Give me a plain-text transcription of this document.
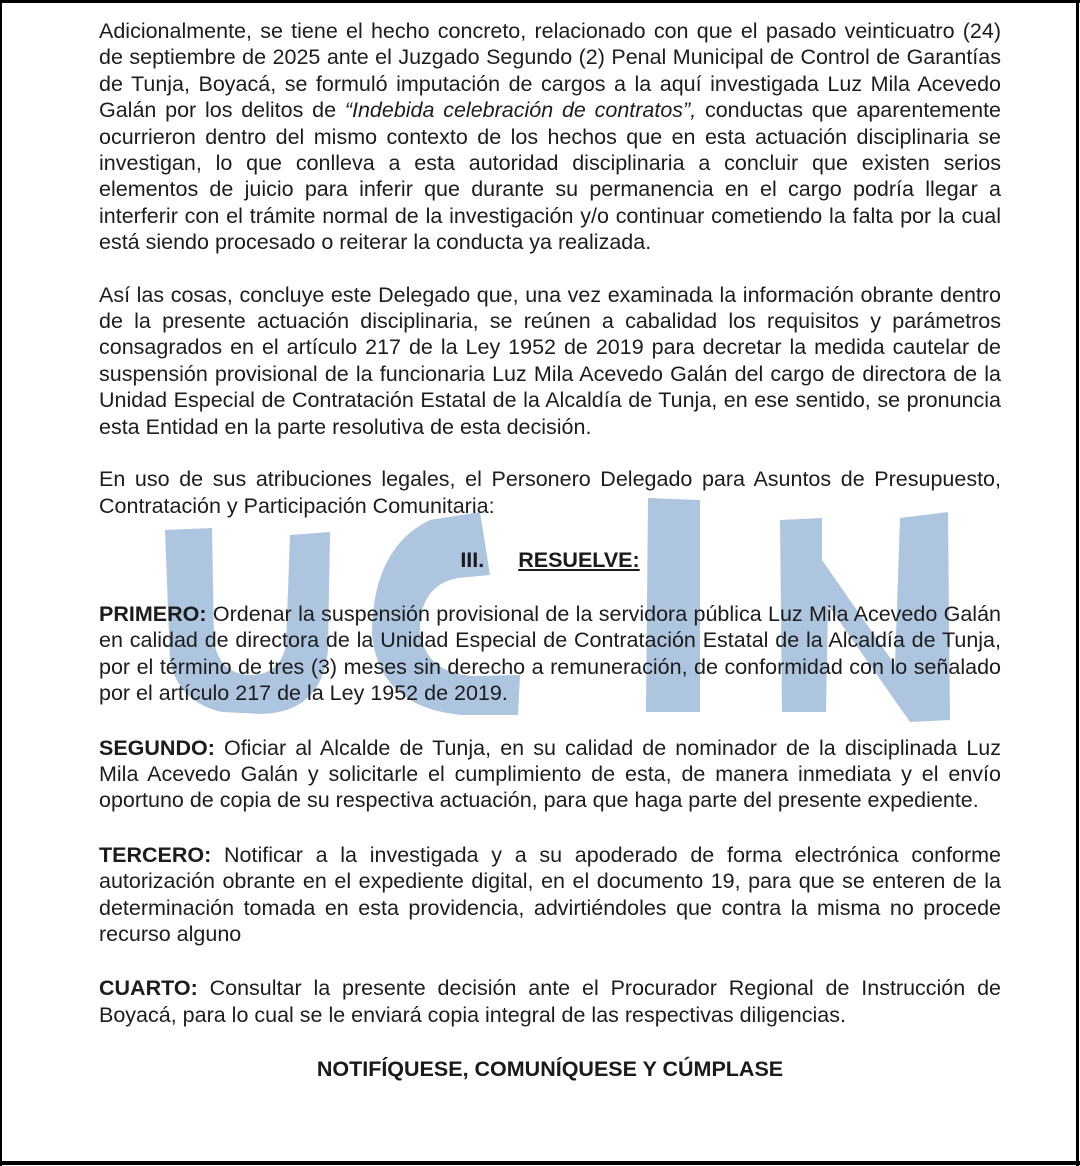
Adicionalmente, se tiene el hecho concreto, relacionado con que el pasado veinticuatro (24) de septiembre de 2025 ante el Juzgado Segundo (2) Penal Municipal de Control de Garantías de Tunja, Boyacá, se formuló imputación de cargos a la aquí investigada Luz Mila Acevedo Galán por los delitos de “Indebida celebración de contratos”, conductas que aparentemente ocurrieron dentro del mismo contexto de los hechos que en esta actuación disciplinaria se investigan, lo que conlleva a esta autoridad disciplinaria a concluir que existen serios elementos de juicio para inferir que durante su permanencia en el cargo podría llegar a interferir con el trámite normal de la investigación y/o continuar cometiendo la falta por la cual está siendo procesado o reiterar la conducta ya realizada.

Así las cosas, concluye este Delegado que, una vez examinada la información obrante dentro de la presente actuación disciplinaria, se reúnen a cabalidad los requisitos y parámetros consagrados en el artículo 217 de la Ley 1952 de 2019 para decretar la medida cautelar de suspensión provisional de la funcionaria Luz Mila Acevedo Galán del cargo de directora de la Unidad Especial de Contratación Estatal de la Alcaldía de Tunja, en ese sentido, se pronuncia esta Entidad en la parte resolutiva de esta decisión.

En uso de sus atribuciones legales, el Personero Delegado para Asuntos de Presupuesto, Contratación y Participación Comunitaria:

III. RESUELVE:

PRIMERO: Ordenar la suspensión provisional de la servidora pública Luz Mila Acevedo Galán en calidad de directora de la Unidad Especial de Contratación Estatal de la Alcaldía de Tunja, por el término de tres (3) meses sin derecho a remuneración, de conformidad con lo señalado por el artículo 217 de la Ley 1952 de 2019.

SEGUNDO: Oficiar al Alcalde de Tunja, en su calidad de nominador de la disciplinada Luz Mila Acevedo Galán y solicitarle el cumplimiento de esta, de manera inmediata y el envío oportuno de copia de su respectiva actuación, para que haga parte del presente expediente.

TERCERO: Notificar a la investigada y a su apoderado de forma electrónica conforme autorización obrante en el expediente digital, en el documento 19, para que se enteren de la determinación tomada en esta providencia, advirtiéndoles que contra la misma no procede recurso alguno

CUARTO: Consultar la presente decisión ante el Procurador Regional de Instrucción de Boyacá, para lo cual se le enviará copia integral de las respectivas diligencias.

NOTIFÍQUESE, COMUNÍQUESE Y CÚMPLASE
